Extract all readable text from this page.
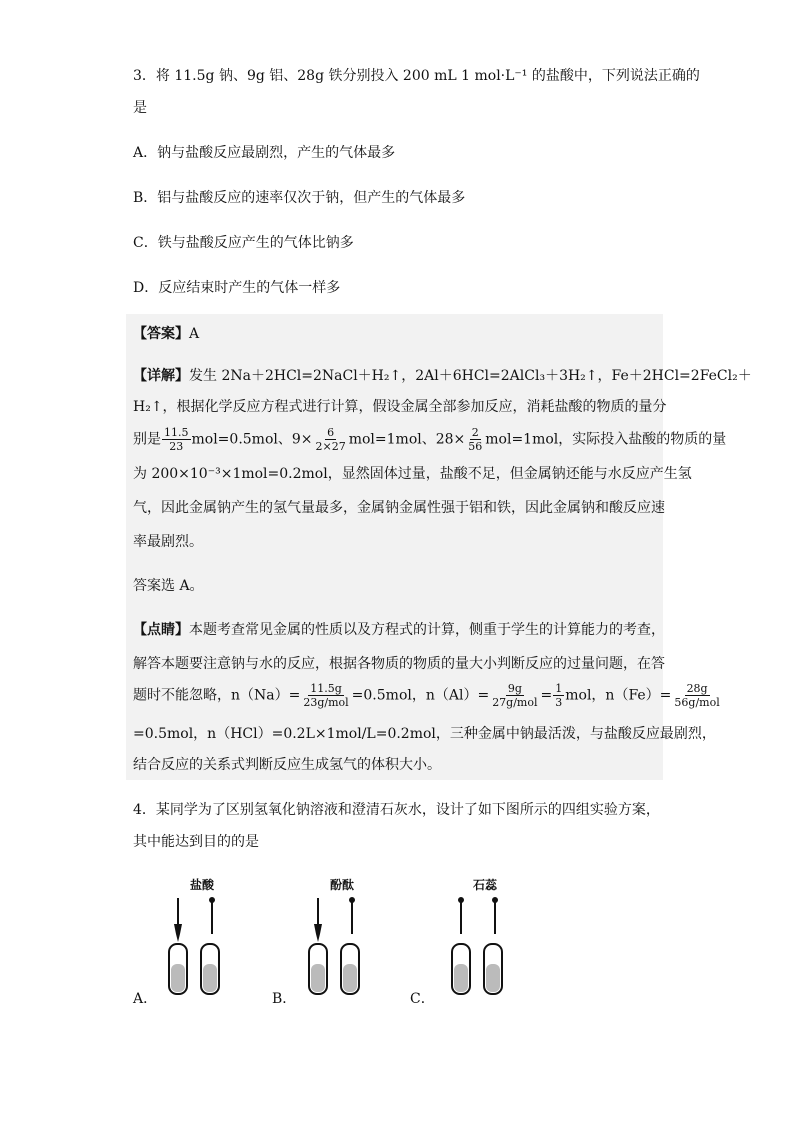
3．将 11.5g 钠、9g 铝、28g 铁分别投入 200 mL 1 mol·L⁻¹ 的盐酸中，下列说法正确的
是
A．钠与盐酸反应最剧烈，产生的气体最多
B．铝与盐酸反应的速率仅次于钠，但产生的气体最多
C．铁与盐酸反应产生的气体比钠多
D．反应结束时产生的气体一样多
【答案】A
【详解】发生 2Na＋2HCl=2NaCl＋H₂↑，2Al＋6HCl=2AlCl₃＋3H₂↑，Fe＋2HCl=2FeCl₂＋
H₂↑，根据化学反应方程式进行计算，假设金属全部参加反应，消耗盐酸的物质的量分
别是 $\frac{11.5}{23} mol=0.5mol$、$9\times \frac{6}{2\times 27} mol=1mol$、$28\times \frac{2}{56} mol=1mol$，实际投入盐酸的物质的量
为 200×10⁻³×1mol=0.2mol，显然固体过量，盐酸不足，但金属钠还能与水反应产生氢
气，因此金属钠产生的氢气量最多，金属钠金属性强于铝和铁，因此金属钠和酸反应速
率最剧烈。
答案选 A。
【点睛】本题考查常见金属的性质以及方程式的计算，侧重于学生的计算能力的考查，
解答本题要注意钠与水的反应，根据各物质的物质的量大小判断反应的过量问题，在答
题时不能忽略，$n(Na)= \frac{11.5g}{\text{23g/mol}} =0.5mol$，$n(Al)= \frac{9g}{\text{27g/mol}} = \frac{1}{3}$ mol，$n(Fe)= \frac{28g}{\text{56g/mol}}$
=0.5mol，n（HCl）=0.2L×1mol/L=0.2mol，三种金属中钠最活泼，与盐酸反应最剧烈，
结合反应的关系式判断反应生成氢气的体积大小。
4．某同学为了区别氢氧化钠溶液和澄清石灰水，设计了如下图所示的四组实验方案，
其中能达到目的的是
盐酸	酚酞	石蕊
A．	B．	C．
